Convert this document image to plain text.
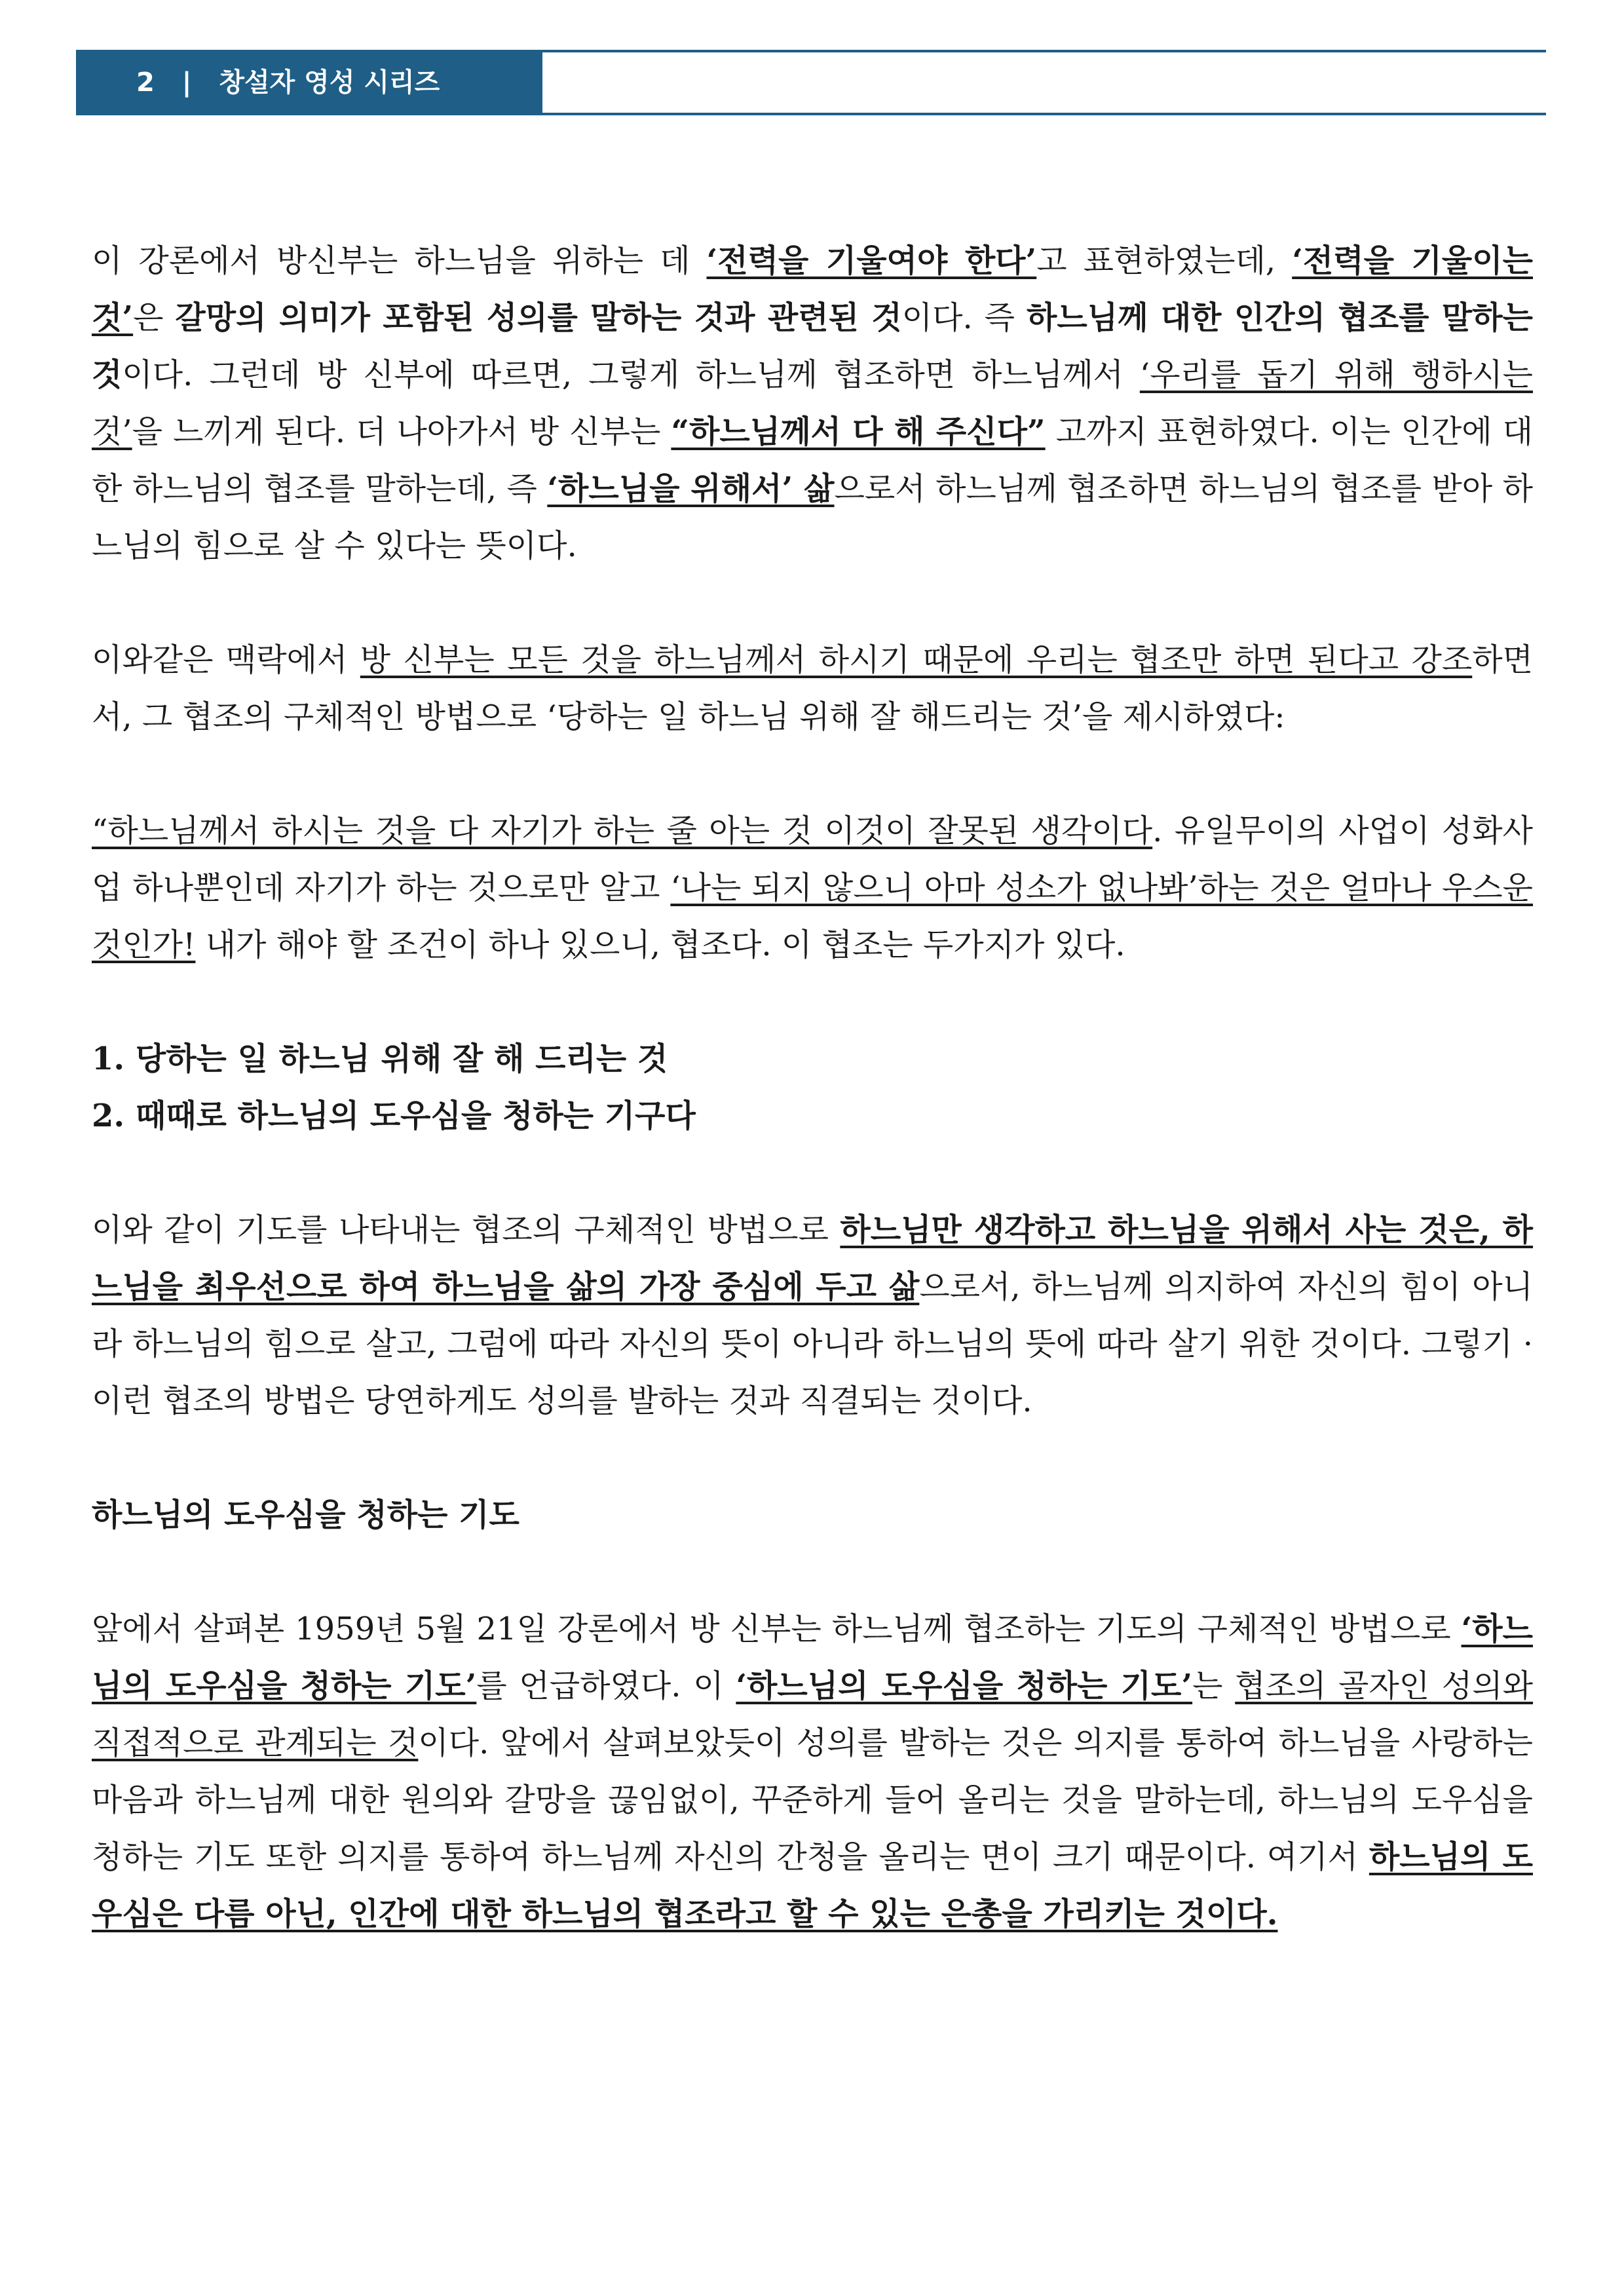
2 | 창설자 영성 시리즈

이 강론에서 방신부는 하느님을 위하는 데 ‘전력을 기울여야 한다’고 표현하였는데, ‘전력을 기울이는 것’은 갈망의 의미가 포함된 성의를 말하는 것과 관련된 것이다. 즉 하느님께 대한 인간의 협조를 말하는 것이다. 그런데 방 신부에 따르면, 그렇게 하느님께 협조하면 하느님께서 ‘우리를 돕기 위해 행하시는 것’을 느끼게 된다. 더 나아가서 방 신부는 “하느님께서 다 해 주신다” 고까지 표현하였다. 이는 인간에 대한 하느님의 협조를 말하는데, 즉 ‘하느님을 위해서’ 삶으로서 하느님께 협조하면 하느님의 협조를 받아 하느님의 힘으로 살 수 있다는 뜻이다.

이와같은 맥락에서 방 신부는 모든 것을 하느님께서 하시기 때문에 우리는 협조만 하면 된다고 강조하면서, 그 협조의 구체적인 방법으로 ‘당하는 일 하느님 위해 잘 해드리는 것’을 제시하였다:

“하느님께서 하시는 것을 다 자기가 하는 줄 아는 것 이것이 잘못된 생각이다. 유일무이의 사업이 성화사업 하나뿐인데 자기가 하는 것으로만 알고 ‘나는 되지 않으니 아마 성소가 없나봐’하는 것은 얼마나 우스운 것인가! 내가 해야 할 조건이 하나 있으니, 협조다. 이 협조는 두가지가 있다.

1. 당하는 일 하느님 위해 잘 해 드리는 것

2. 때때로 하느님의 도우심을 청하는 기구다

이와 같이 기도를 나타내는 협조의 구체적인 방법으로 하느님만 생각하고 하느님을 위해서 사는 것은, 하느님을 최우선으로 하여 하느님을 삶의 가장 중심에 두고 삶으로서, 하느님께 의지하여 자신의 힘이 아니라 하느님의 힘으로 살고, 그럼에 따라 자신의 뜻이 아니라 하느님의 뜻에 따라 살기 위한 것이다. 그렇기 ·이런 협조의 방법은 당연하게도 성의를 발하는 것과 직결되는 것이다.

하느님의 도우심을 청하는 기도

앞에서 살펴본 1959년 5월 21일 강론에서 방 신부는 하느님께 협조하는 기도의 구체적인 방법으로 ‘하느님의 도우심을 청하는 기도’를 언급하였다. 이 ‘하느님의 도우심을 청하는 기도’는 협조의 골자인 성의와 직접적으로 관계되는 것이다. 앞에서 살펴보았듯이 성의를 발하는 것은 의지를 통하여 하느님을 사랑하는 마음과 하느님께 대한 원의와 갈망을 끊임없이, 꾸준하게 들어 올리는 것을 말하는데, 하느님의 도우심을 청하는 기도 또한 의지를 통하여 하느님께 자신의 간청을 올리는 면이 크기 때문이다. 여기서 하느님의 도우심은 다름 아닌, 인간에 대한 하느님의 협조라고 할 수 있는 은총을 가리키는 것이다.
